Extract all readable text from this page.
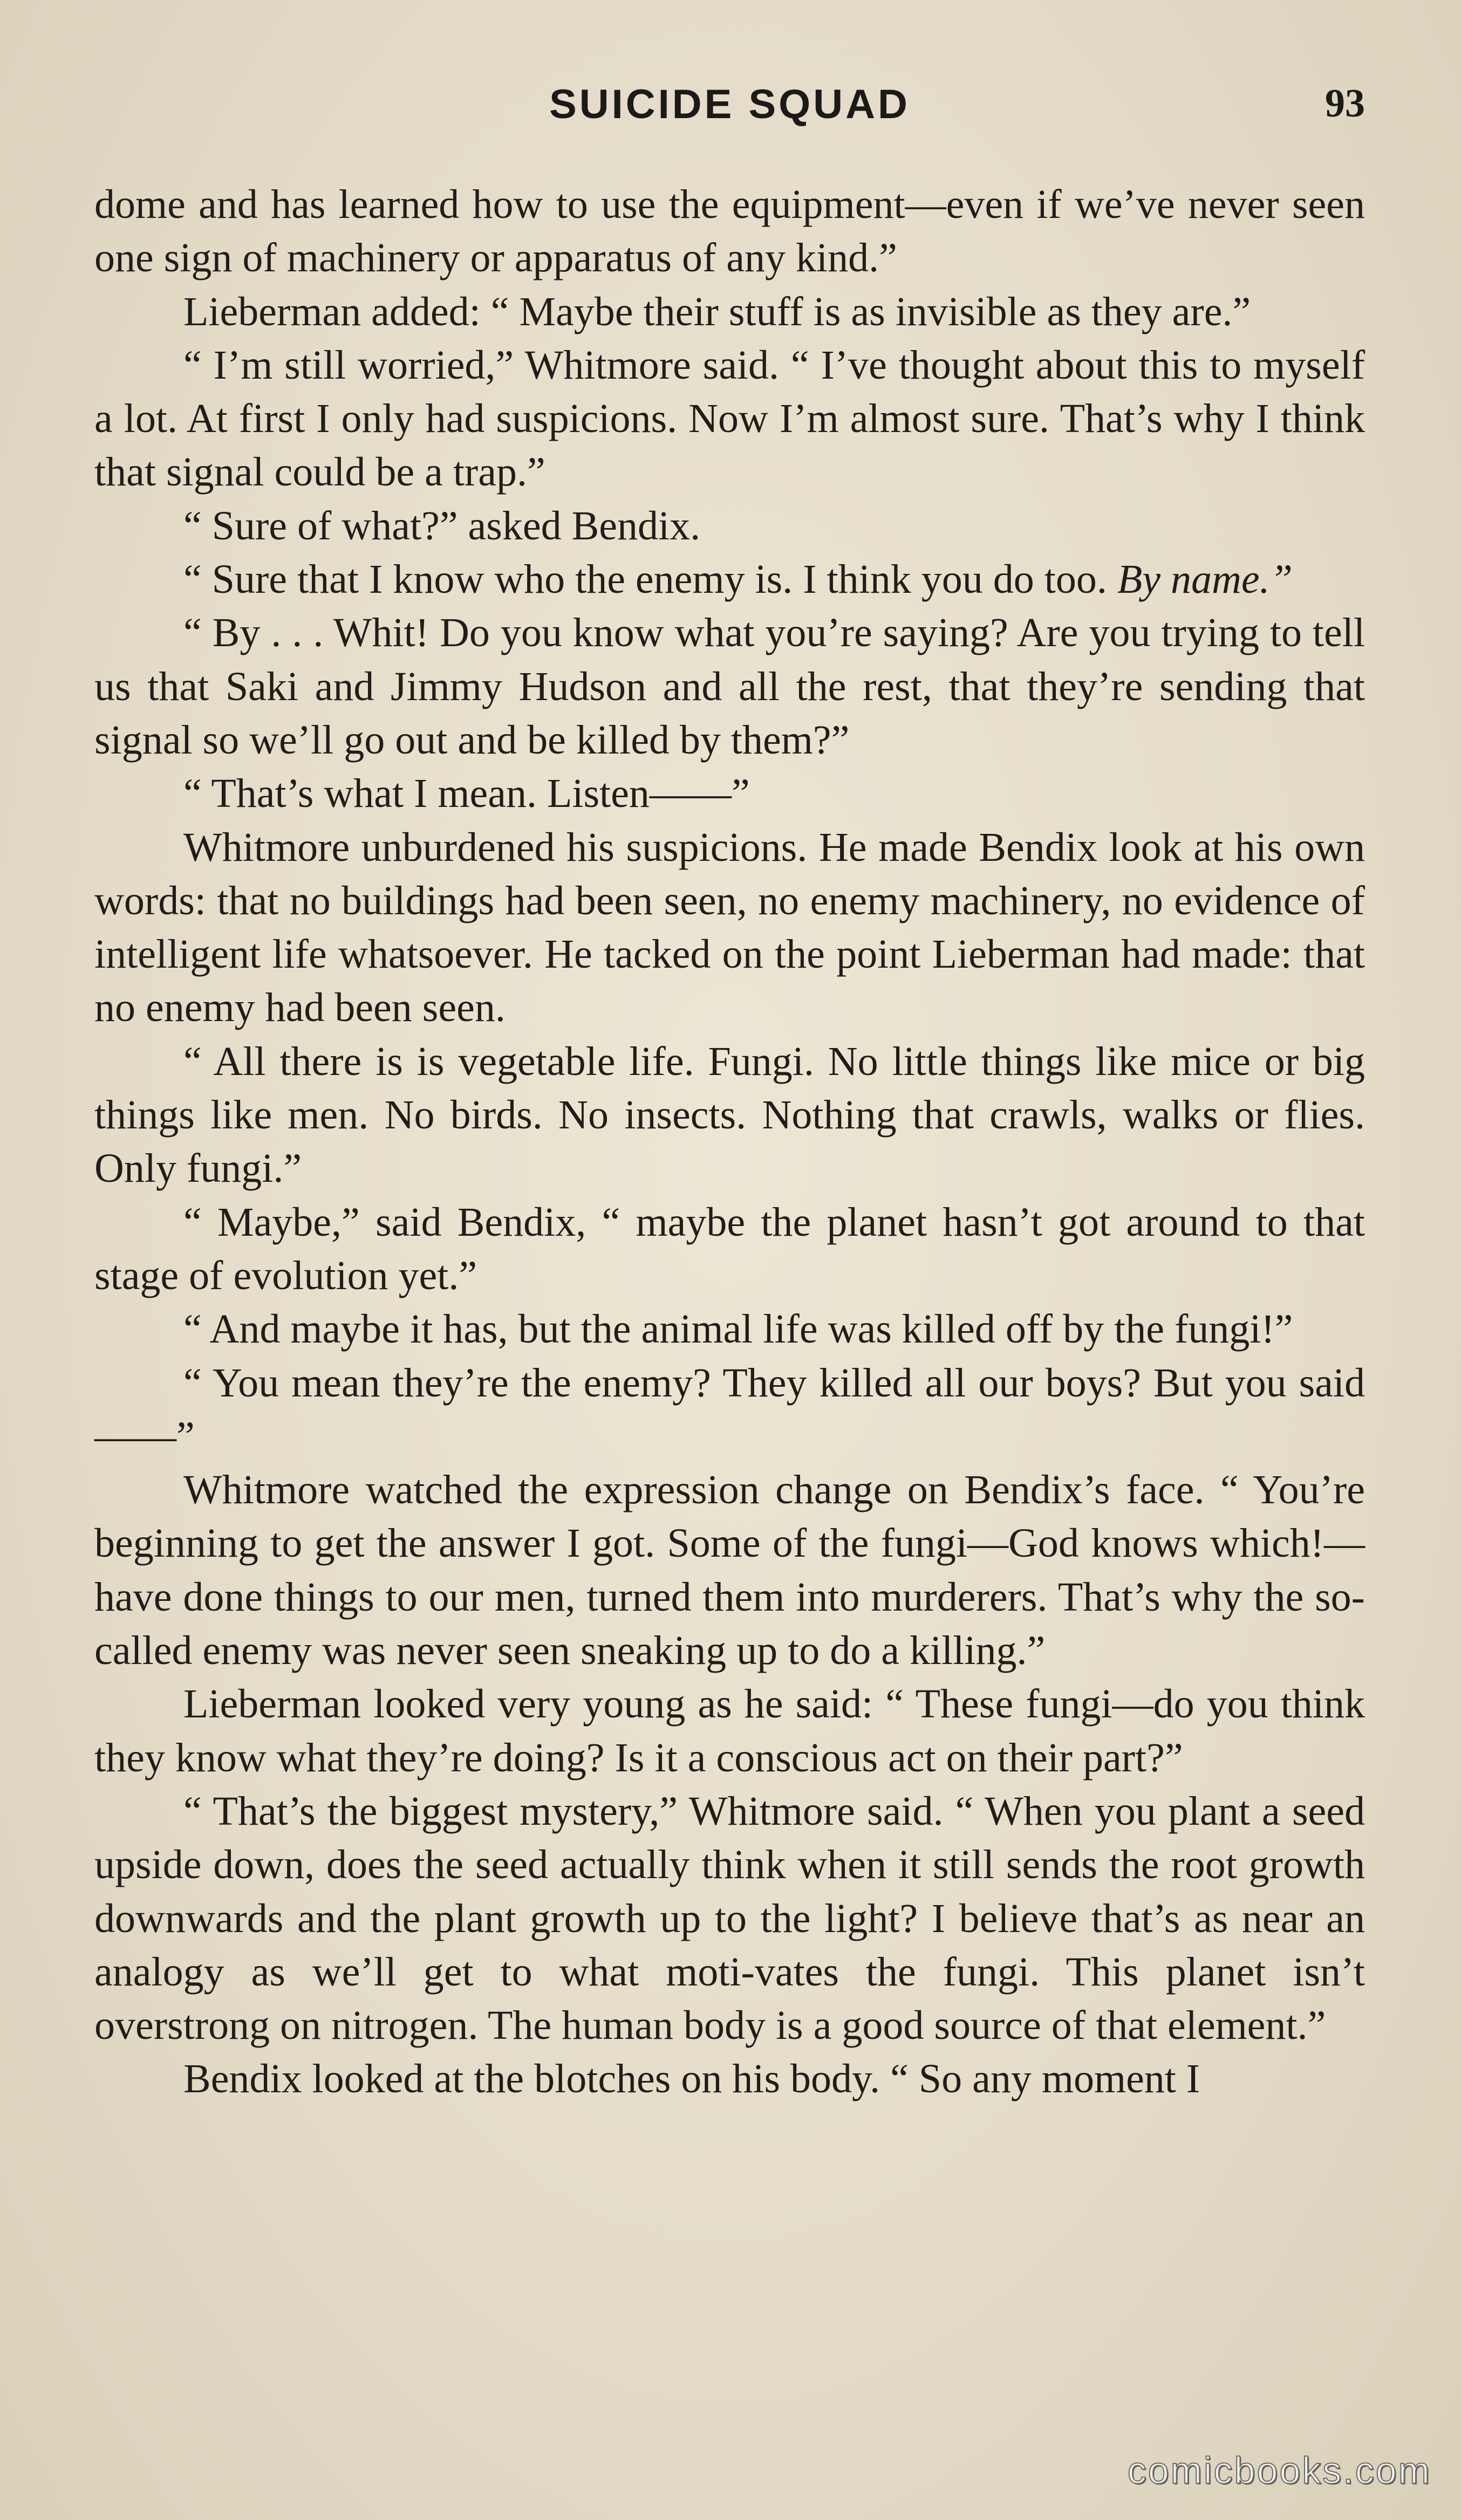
SUICIDE SQUAD	93

dome and has learned how to use the equipment—even if we’ve never seen one sign of machinery or apparatus of any kind.”

Lieberman added: “ Maybe their stuff is as invisible as they are.”

“ I’m still worried,” Whitmore said. “ I’ve thought about this to myself a lot. At first I only had suspicions. Now I’m almost sure. That’s why I think that signal could be a trap.”

“ Sure of what?” asked Bendix.

“ Sure that I know who the enemy is. I think you do too. By name.”

“ By . . . Whit! Do you know what you’re saying? Are you trying to tell us that Saki and Jimmy Hudson and all the rest, that they’re sending that signal so we’ll go out and be killed by them?”

“ That’s what I mean. Listen——”

Whitmore unburdened his suspicions. He made Bendix look at his own words: that no buildings had been seen, no enemy machinery, no evidence of intelligent life whatsoever. He tacked on the point Lieberman had made: that no enemy had been seen.

“ All there is is vegetable life. Fungi. No little things like mice or big things like men. No birds. No insects. Nothing that crawls, walks or flies. Only fungi.”

“ Maybe,” said Bendix, “ maybe the planet hasn’t got around to that stage of evolution yet.”

“ And maybe it has, but the animal life was killed off by the fungi!”

“ You mean they’re the enemy? They killed all our boys? But you said——”

Whitmore watched the expression change on Bendix’s face. “ You’re beginning to get the answer I got. Some of the fungi—God knows which!—have done things to our men, turned them into murderers. That’s why the so-called enemy was never seen sneaking up to do a killing.”

Lieberman looked very young as he said: “ These fungi—do you think they know what they’re doing? Is it a conscious act on their part?”

“ That’s the biggest mystery,” Whitmore said. “ When you plant a seed upside down, does the seed actually think when it still sends the root growth downwards and the plant growth up to the light? I believe that’s as near an analogy as we’ll get to what moti-vates the fungi. This planet isn’t overstrong on nitrogen. The human body is a good source of that element.”

Bendix looked at the blotches on his body. “ So any moment I

comicbooks.com
